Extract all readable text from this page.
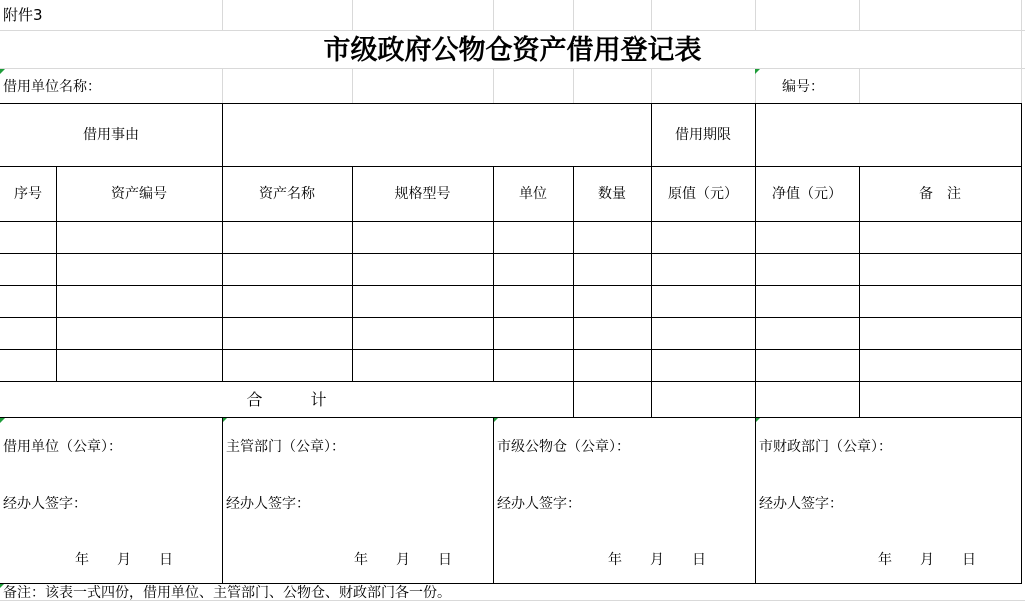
附件3
市级政府公物仓资产借用登记表
借用单位名称：	编号：
借用事由	借用期限
序号	资产编号	资产名称	规格型号	单位	数量	原值（元）	净值（元）	备　注
合　　　计
借用单位（公章）：
经办人签字：
年　　月　　日
主管部门（公章）：
经办人签字：
年　　月　　日
市级公物仓（公章）：
经办人签字：
年　　月　　日
市财政部门（公章）：
经办人签字：
年　　月　　日
备注：该表一式四份，借用单位、主管部门、公物仓、财政部门各一份。
